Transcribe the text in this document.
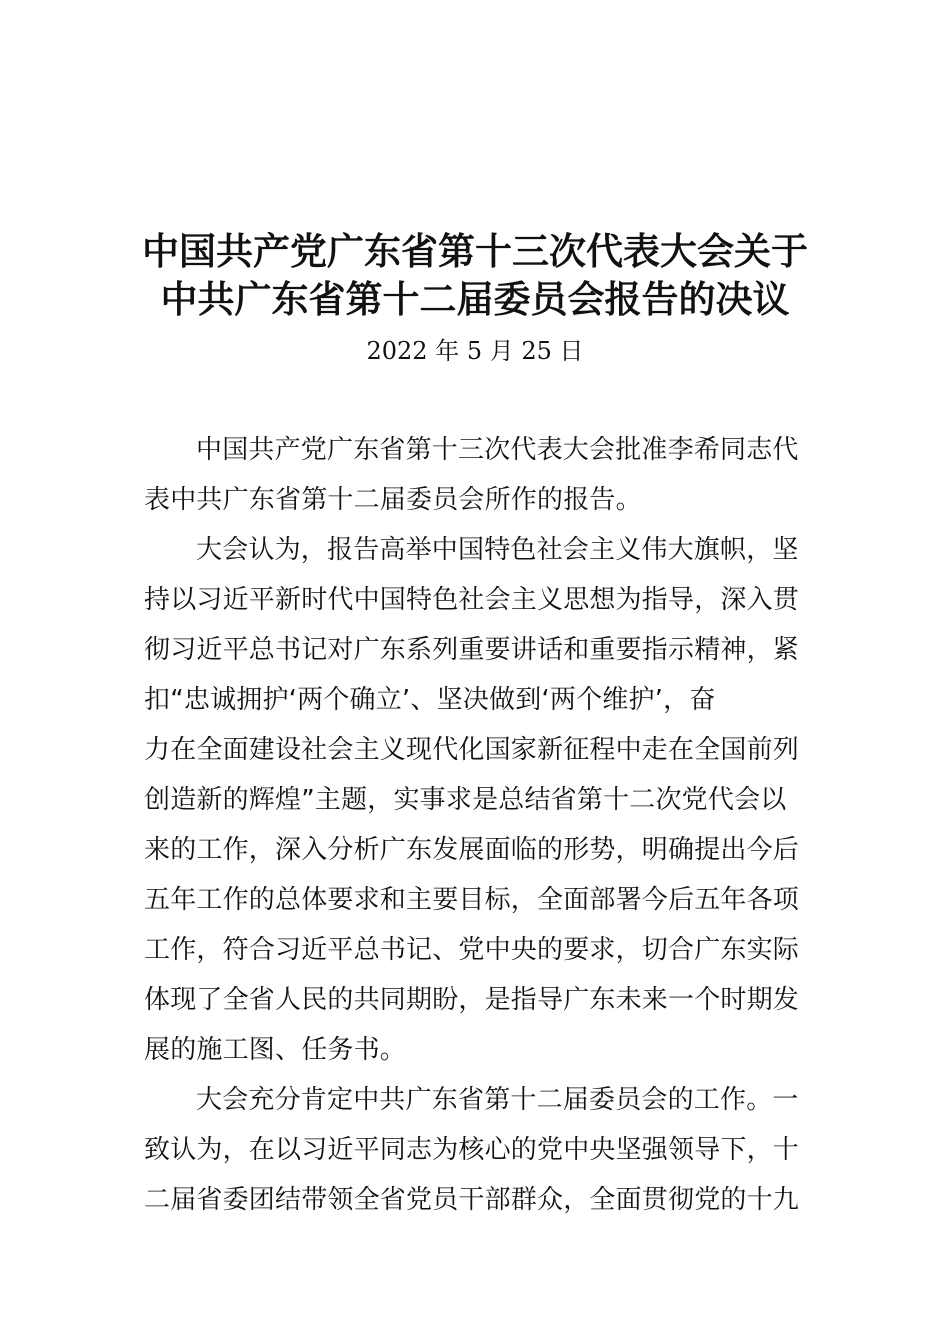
中国共产党广东省第十三次代表大会关于
中共广东省第十二届委员会报告的决议
2022 年 5 月 25 日
中国共产党广东省第十三次代表大会批准李希同志代
表中共广东省第十二届委员会所作的报告。
大会认为，报告高举中国特色社会主义伟大旗帜，坚
持以习近平新时代中国特色社会主义思想为指导，深入贯
彻习近平总书记对广东系列重要讲话和重要指示精神，紧
扣“忠诚拥护‘两个确立’、坚决做到‘两个维护’，奋
力在全面建设社会主义现代化国家新征程中走在全国前列
创造新的辉煌”主题，实事求是总结省第十二次党代会以
来的工作，深入分析广东发展面临的形势，明确提出今后
五年工作的总体要求和主要目标，全面部署今后五年各项
工作，符合习近平总书记、党中央的要求，切合广东实际
体现了全省人民的共同期盼，是指导广东未来一个时期发
展的施工图、任务书。
大会充分肯定中共广东省第十二届委员会的工作。一
致认为，在以习近平同志为核心的党中央坚强领导下，十
二届省委团结带领全省党员干部群众，全面贯彻党的十九
